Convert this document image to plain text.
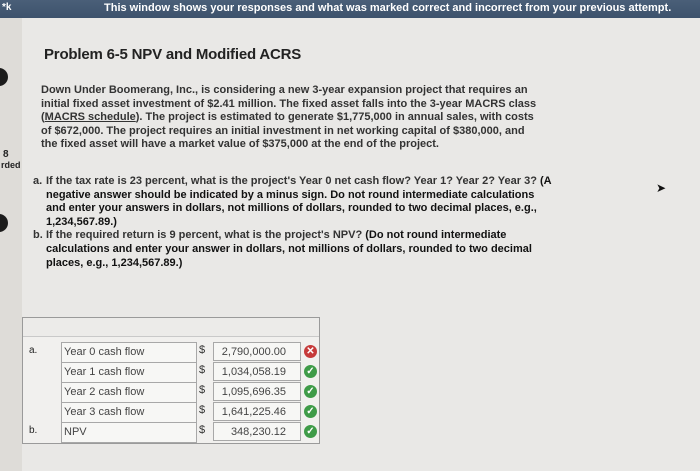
*k	This window shows your responses and what was marked correct and incorrect from your previous attempt.
8
rded
Problem 6-5 NPV and Modified ACRS
Down Under Boomerang, Inc., is considering a new 3-year expansion project that requires an initial fixed asset investment of $2.41 million. The fixed asset falls into the 3-year MACRS class (MACRS schedule). The project is estimated to generate $1,775,000 in annual sales, with costs of $672,000. The project requires an initial investment in net working capital of $380,000, and the fixed asset will have a market value of $375,000 at the end of the project.
a. If the tax rate is 23 percent, what is the project's Year 0 net cash flow? Year 1? Year 2? Year 3? (A negative answer should be indicated by a minus sign. Do not round intermediate calculations and enter your answers in dollars, not millions of dollars, rounded to two decimal places, e.g., 1,234,567.89.)
b. If the required return is 9 percent, what is the project's NPV? (Do not round intermediate calculations and enter your answer in dollars, not millions of dollars, rounded to two decimal places, e.g., 1,234,567.89.)
➤
a. Year 0 cash flow	$	2,790,000.00	✕
Year 1 cash flow	$	1,034,058.19	✓
Year 2 cash flow	$	1,095,696.35	✓
Year 3 cash flow	$	1,641,225.46	✓
b. NPV	$	348,230.12	✓
